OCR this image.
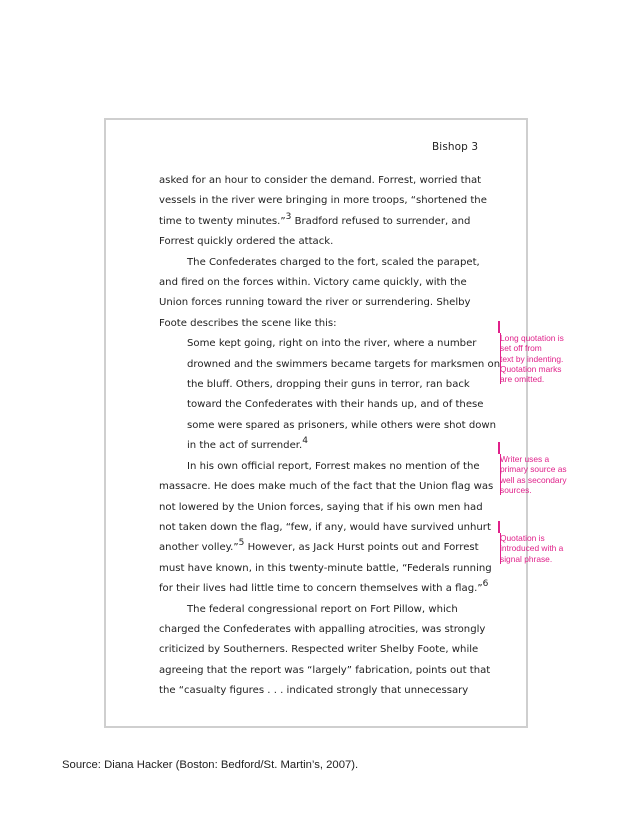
Bishop 3
asked for an hour to consider the demand. Forrest, worried that
vessels in the river were bringing in more troops, “shortened the
time to twenty minutes.”$^3$ Bradford refused to surrender, and
Forrest quickly ordered the attack.
The Confederates charged to the fort, scaled the parapet,
and fired on the forces within. Victory came quickly, with the
Union forces running toward the river or surrendering. Shelby
Foote describes the scene like this:
Some kept going, right on into the river, where a number
drowned and the swimmers became targets for marksmen on
the bluff. Others, dropping their guns in terror, ran back
toward the Confederates with their hands up, and of these
some were spared as prisoners, while others were shot down
in the act of surrender.$^4$
In his own official report, Forrest makes no mention of the
massacre. He does make much of the fact that the Union flag was
not lowered by the Union forces, saying that if his own men had
not taken down the flag, “few, if any, would have survived unhurt
another volley.”$^5$ However, as Jack Hurst points out and Forrest
must have known, in this twenty-minute battle, “Federals running
for their lives had little time to concern themselves with a flag.”$^6$
The federal congressional report on Fort Pillow, which
charged the Confederates with appalling atrocities, was strongly
criticized by Southerners. Respected writer Shelby Foote, while
agreeing that the report was “largely” fabrication, points out that
the “casualty figures . . . indicated strongly that unnecessary
Long quotation is
set off from
text by indenting.
Quotation marks
are omitted.
Writer uses a
primary source as
well as secondary
sources.
Quotation is
introduced with a
signal phrase.
Source: Diana Hacker (Boston: Bedford/St. Martin’s, 2007).
